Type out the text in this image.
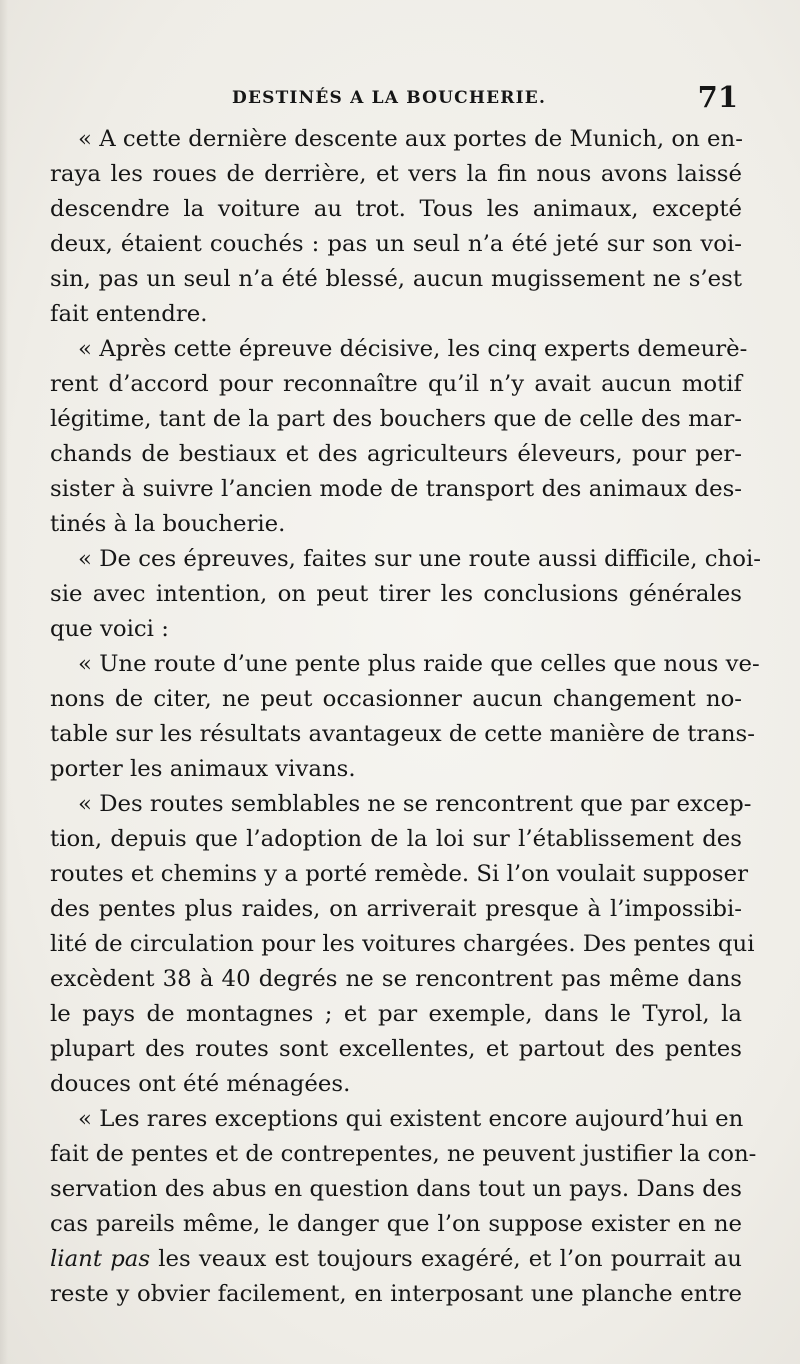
DESTINÉS A LA BOUCHERIE.	71
« A cette dernière descente aux portes de Munich, on en-
raya les roues de derrière, et vers la fin nous avons laissé
descendre la voiture au trot. Tous les animaux, excepté
deux, étaient couchés : pas un seul n’a été jeté sur son voi-
sin, pas un seul n’a été blessé, aucun mugissement ne s’est
fait entendre.
« Après cette épreuve décisive, les cinq experts demeurè-
rent d’accord pour reconnaître qu’il n’y avait aucun motif
légitime, tant de la part des bouchers que de celle des mar-
chands de bestiaux et des agriculteurs éleveurs, pour per-
sister à suivre l’ancien mode de transport des animaux des-
tinés à la boucherie.
« De ces épreuves, faites sur une route aussi difficile, choi-
sie avec intention, on peut tirer les conclusions générales
que voici :
« Une route d’une pente plus raide que celles que nous ve-
nons de citer, ne peut occasionner aucun changement no-
table sur les résultats avantageux de cette manière de trans-
porter les animaux vivans.
« Des routes semblables ne se rencontrent que par excep-
tion, depuis que l’adoption de la loi sur l’établissement des
routes et chemins y a porté remède. Si l’on voulait supposer
des pentes plus raides, on arriverait presque à l’impossibi-
lité de circulation pour les voitures chargées. Des pentes qui
excèdent 38 à 40 degrés ne se rencontrent pas même dans
le pays de montagnes ; et par exemple, dans le Tyrol, la
plupart des routes sont excellentes, et partout des pentes
douces ont été ménagées.
« Les rares exceptions qui existent encore aujourd’hui en
fait de pentes et de contrepentes, ne peuvent justifier la con-
servation des abus en question dans tout un pays. Dans des
cas pareils même, le danger que l’on suppose exister en ne
liant pas les veaux est toujours exagéré, et l’on pourrait au
reste y obvier facilement, en interposant une planche entre
